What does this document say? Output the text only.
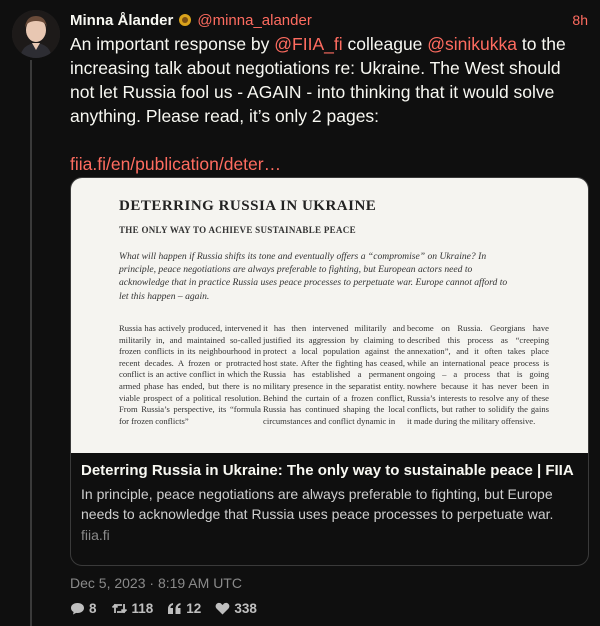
Minna Ålander @minna_alander	8h
An important response by @FIIA_fi colleague @sinikukka to the increasing talk about negotiations re: Ukraine. The West should not let Russia fool us - AGAIN - into thinking that it would solve anything. Please read, it’s only 2 pages:

fiia.fi/en/publication/deter…
DETERRING RUSSIA IN UKRAINE
THE ONLY WAY TO ACHIEVE SUSTAINABLE PEACE
What will happen if Russia shifts its tone and eventually offers a “compromise” on Ukraine? In principle, peace negotiations are always preferable to fighting, but European actors need to acknowledge that in practice Russia uses peace processes to perpetuate war. Europe cannot afford to let this happen – again.
Russia has actively produced, intervened militarily in, and maintained so-called frozen conflicts in its neighbourhood in recent decades. A frozen or protracted conflict is an active conflict in which the armed phase has ended, but there is no viable prospect of a political resolution. From Russia’s perspective, its “formula for frozen conflicts”
it has then intervened militarily and justified its aggression by claiming to protect a local population against the host state. After the fighting has ceased, Russia has established a permanent military presence in the separatist entity. Behind the curtain of a frozen conflict, Russia has continued shaping the local circumstances and conflict dynamic in
become on Russia. Georgians have described this process as “creeping annexation”, and it often takes place while an international peace process is ongoing – a process that is going nowhere because it has never been in Russia’s interests to resolve any of these conflicts, but rather to solidify the gains it made during the military offensive.
Deterring Russia in Ukraine: The only way to sustainable peace | FIIA
In principle, peace negotiations are always preferable to fighting, but Europe needs to acknowledge that Russia uses peace processes to perpetuate war.
fiia.fi
Dec 5, 2023 · 8:19 AM UTC
8	118 12 338
